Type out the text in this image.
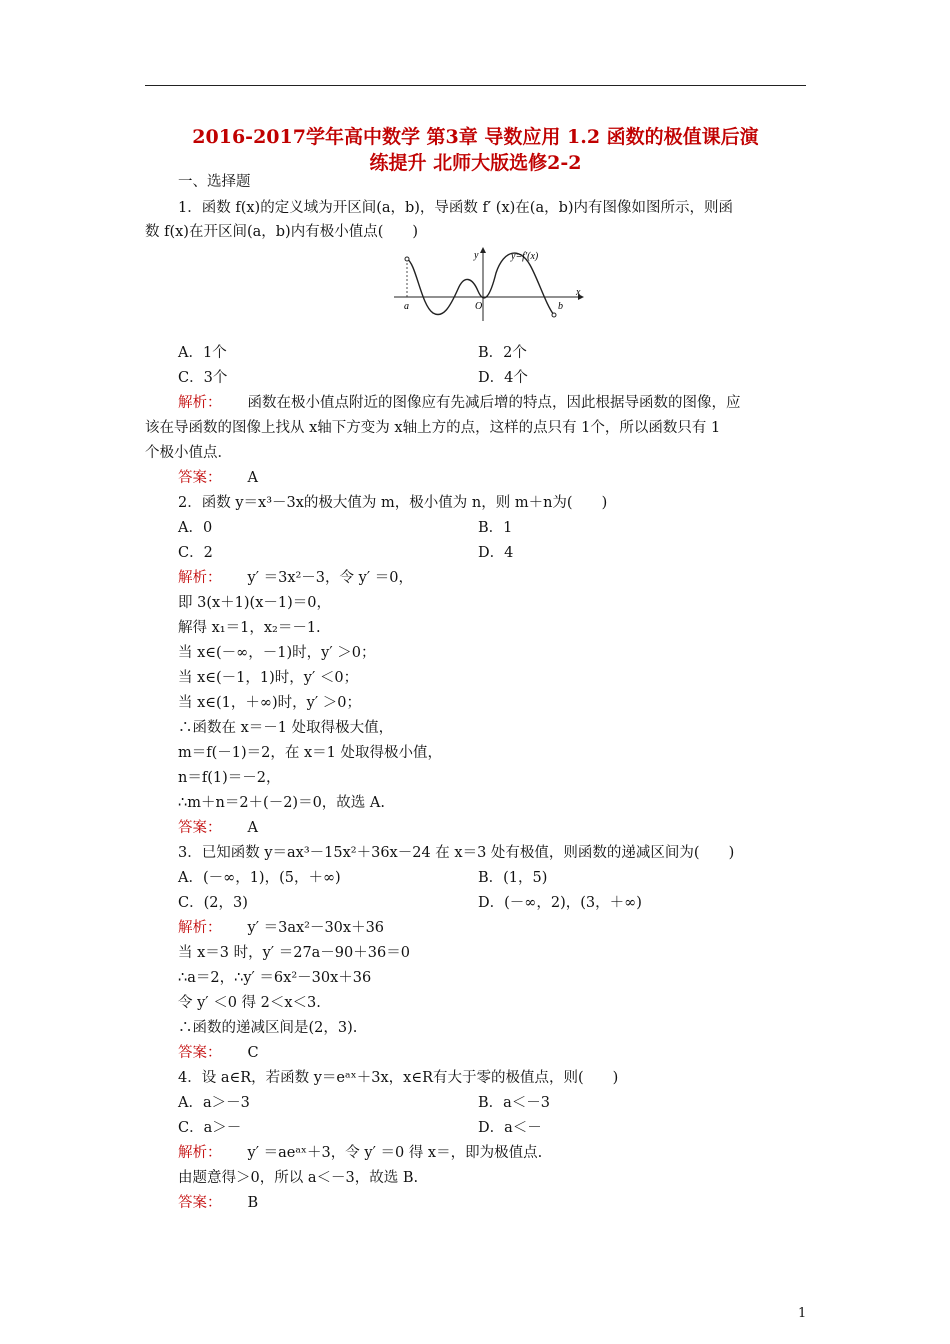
2016-2017学年高中数学 第3章 导数应用 1.2 函数的极值课后演
练提升 北师大版选修2-2
一、选择题
1．函数 f(x)的定义域为开区间(a，b)，导函数 f′ (x)在(a，b)内有图像如图所示，则函
数 f(x)在开区间(a，b)内有极小值点(　　)
y
x
y=f′(x)
a	O	b
A．1个	B．2个
C．3个	D．4个
解析： 函数在极小值点附近的图像应有先减后增的特点，因此根据导函数的图像，应
该在导函数的图像上找从 x轴下方变为 x轴上方的点，这样的点只有 1个，所以函数只有 1
个极小值点．
答案： A
2．函数 y＝x³－3x的极大值为 m，极小值为 n，则 m＋n为(　　)
A．0	B．1
C．2	D．4
解析： y′ ＝3x²－3，令 y′ ＝0，
即 3(x＋1)(x－1)＝0，
解得 x₁＝1，x₂＝－1.
当 x∈(－∞，－1)时，y′ ＞0；
当 x∈(－1，1)时，y′ ＜0；
当 x∈(1，＋∞)时，y′ ＞0；
∴函数在 x＝－1 处取得极大值，
m＝f(－1)＝2，在 x＝1 处取得极小值，
n＝f(1)＝－2，
∴m＋n＝2＋(－2)＝0，故选 A.
答案： A
3．已知函数 y＝ax³－15x²＋36x－24 在 x＝3 处有极值，则函数的递减区间为(　　)
A．(－∞，1)，(5，＋∞)	B．(1，5)
C．(2，3)	D．(－∞，2)，(3，＋∞)
解析： y′ ＝3ax²－30x＋36
当 x＝3 时，y′ ＝27a－90＋36＝0
∴a＝2，∴y′ ＝6x²－30x＋36
令 y′ ＜0 得 2＜x＜3.
∴函数的递减区间是(2，3).
答案： C
4．设 a∈R，若函数 y＝eᵃˣ＋3x，x∈R有大于零的极值点，则(　　)
A．a＞－3	B．a＜－3
C．a＞－	D．a＜－
解析： y′ ＝aeᵃˣ＋3，令 y′ ＝0 得 x＝，即为极值点.
由题意得＞0，所以 a＜－3，故选 B.
答案： B
1
